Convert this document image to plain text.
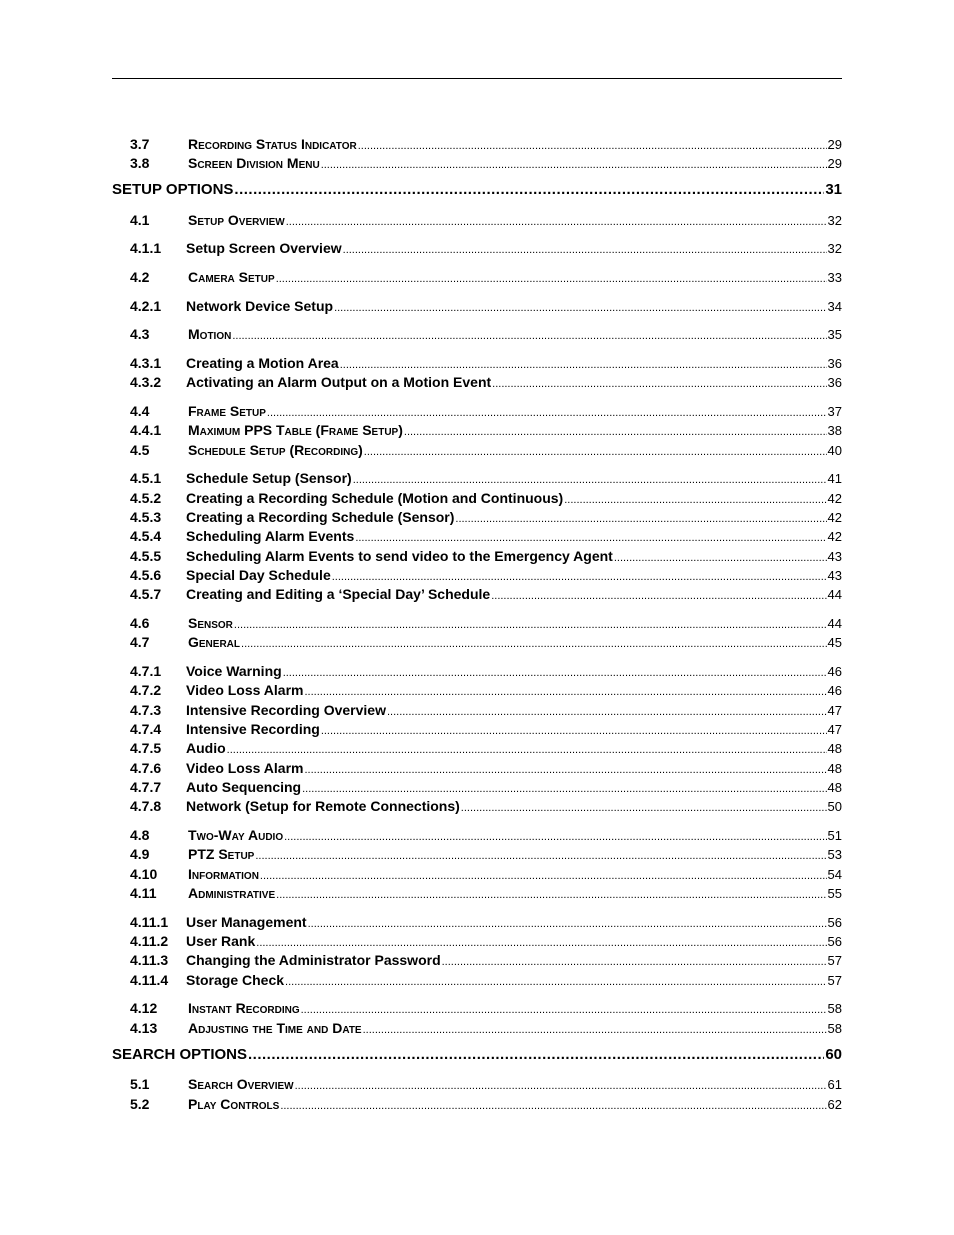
3.7	Recording Status Indicator .....	29
3.8	Screen Division Menu .....	29
SETUP OPTIONS .....	31
4.1	Setup Overview .....	32
4.1.1	Setup Screen Overview .....	32
4.2	Camera Setup .....	33
4.2.1	Network Device Setup .....	34
4.3	Motion .....	35
4.3.1	Creating a Motion Area .....	36
4.3.2	Activating an Alarm Output on a Motion Event .....	36
4.4	Frame Setup .....	37
4.4.1	Maximum PPS Table (Frame Setup) .....	38
4.5	Schedule Setup (Recording) .....	40
4.5.1	Schedule Setup (Sensor) .....	41
4.5.2	Creating a Recording Schedule (Motion and Continuous) .....	42
4.5.3	Creating a Recording Schedule (Sensor) .....	42
4.5.4	Scheduling Alarm Events .....	42
4.5.5	Scheduling Alarm Events to send video to the Emergency Agent .....	43
4.5.6	Special Day Schedule .....	43
4.5.7	Creating and Editing a ‘Special Day’ Schedule .....	44
4.6	Sensor .....	44
4.7	General .....	45
4.7.1	Voice Warning .....	46
4.7.2	Video Loss Alarm .....	46
4.7.3	Intensive Recording Overview .....	47
4.7.4	Intensive Recording .....	47
4.7.5	Audio .....	48
4.7.6	Video Loss Alarm .....	48
4.7.7	Auto Sequencing .....	48
4.7.8	Network (Setup for Remote Connections) .....	50
4.8	Two-Way Audio .....	51
4.9	PTZ Setup .....	53
4.10	Information .....	54
4.11	Administrative .....	55
4.11.1	User Management .....	56
4.11.2	User Rank .....	56
4.11.3	Changing the Administrator Password .....	57
4.11.4	Storage Check .....	57
4.12	Instant Recording .....	58
4.13	Adjusting the Time and Date .....	58
SEARCH OPTIONS .....	60
5.1	Search Overview .....	61
5.2	Play Controls .....	62
